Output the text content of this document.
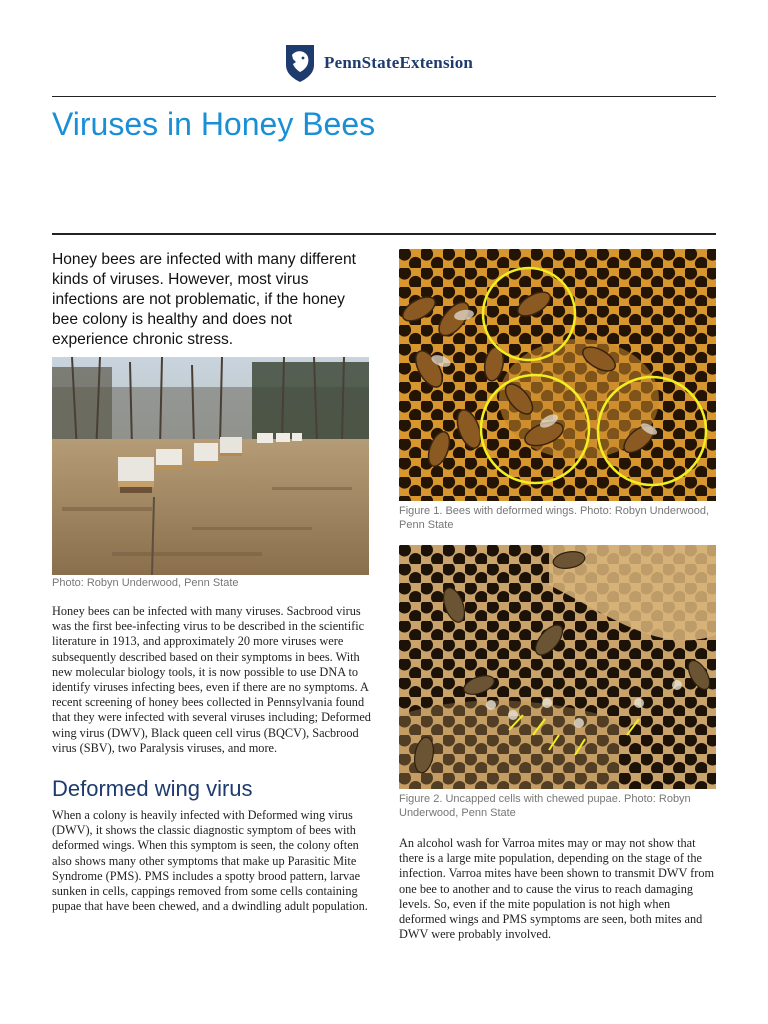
PennStateExtension
Viruses in Honey Bees
Honey bees are infected with many different kinds of viruses. However, most virus infections are not problematic, if the honey bee colony is healthy and does not experience chronic stress.
Photo: Robyn Underwood, Penn State
Honey bees can be infected with many viruses. Sacbrood virus was the first bee-infecting virus to be described in the scientific literature in 1913, and approximately 20 more viruses were subsequently described based on their symptoms in bees. With new molecular biology tools, it is now possible to use DNA to identify viruses infecting bees, even if there are no symptoms. A recent screening of honey bees collected in Pennsylvania found that they were infected with several viruses including; Deformed wing virus (DWV), Black queen cell virus (BQCV), Sacbrood virus (SBV), two Paralysis viruses, and more.
Deformed wing virus
When a colony is heavily infected with Deformed wing virus (DWV), it shows the classic diagnostic symptom of bees with deformed wings. When this symptom is seen, the colony often also shows many other symptoms that make up Parasitic Mite Syndrome (PMS). PMS includes a spotty brood pattern, larvae sunken in cells, cappings removed from some cells containing pupae that have been chewed, and a dwindling adult population.
Figure 1. Bees with deformed wings. Photo: Robyn Underwood, Penn State
Figure 2. Uncapped cells with chewed pupae. Photo: Robyn Underwood, Penn State
An alcohol wash for Varroa mites may or may not show that there is a large mite population, depending on the stage of the infection. Varroa mites have been shown to transmit DWV from one bee to another and to cause the virus to reach damaging levels. So, even if the mite population is not high when deformed wings and PMS symptoms are seen, both mites and DWV were probably involved.
